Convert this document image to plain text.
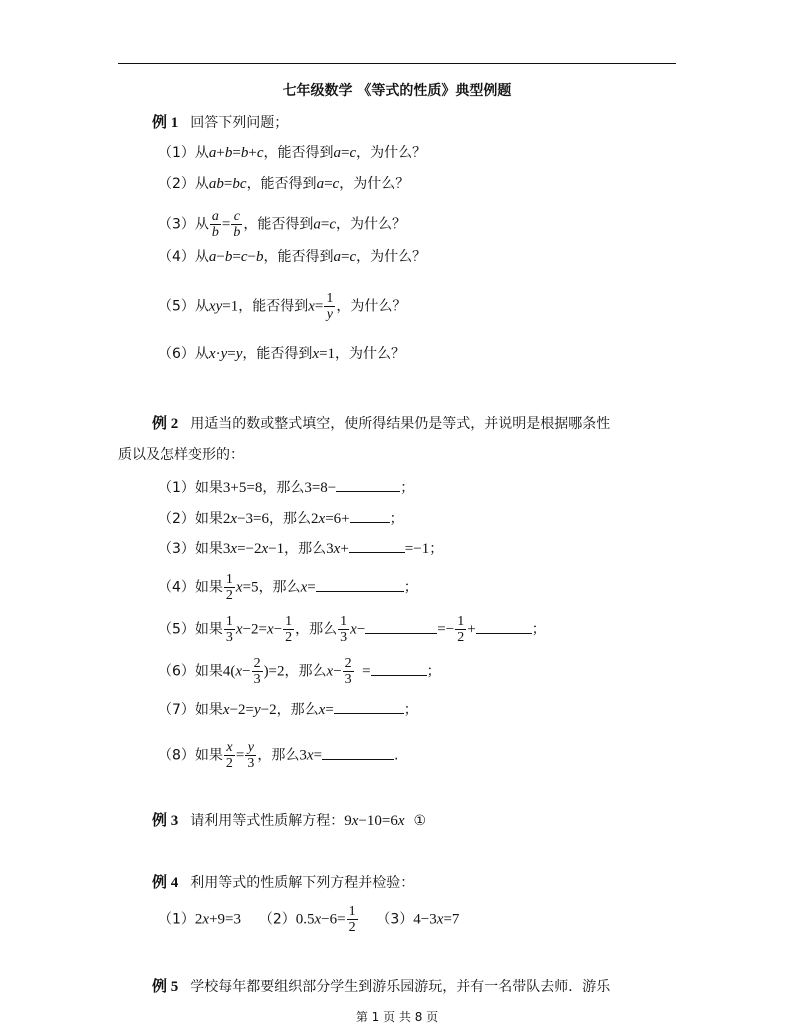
七年级数学 《等式的性质》典型例题
例 1 回答下列问题；
（1）从a+b=b+c，能否得到a=c，为什么？
（2）从ab=bc，能否得到a=c，为什么？
（3）从 $\frac{a}{b} = \frac{c}{b}$ ，能否得到a=c，为什么？
（4）从a−b=c−b，能否得到a=c，为什么？
（5）从xy=1，能否得到$x= \frac{1}{y}$ ，为什么？
（6）从x·y=y，能否得到x=1，为什么？
例 2 用适当的数或整式填空，使所得结果仍是等式，并说明是根据哪条性
质以及怎样变形的：
（1）如果3+5=8，那么3=8−	；
（2）如果2x−3=6，那么2x=6+	；
（3）如果3x=−2x−1，那么3x+	=−1；
（4）如果 $\frac{1}{2} x=5$，那么x=	；
（5）如果 $\frac{1}{3} x-2=x- \frac{1}{2}$ ，那么 $\frac{1}{3} x-$	=− $\frac{1}{2}$ +	；
（6）如果$4(x- \frac{2}{3} )=2$，那么$x- \frac{2}{3}$ =	；
（7）如果x−2=y−2，那么x=	；
（8）如果 $\frac{x}{2} = \frac{y}{3}$ ，那么3x=	.
例 3 请利用等式性质解方程：9x−10=6x ①
例 4 利用等式的性质解下列方程并检验：
（1）2x+9=3    $(2)0.5x-6= \frac{1}{2} (3)4-3x=7$
例 5 学校每年都要组织部分学生到游乐园游玩，并有一名带队去师．游乐
第 1 页 共 8 页
